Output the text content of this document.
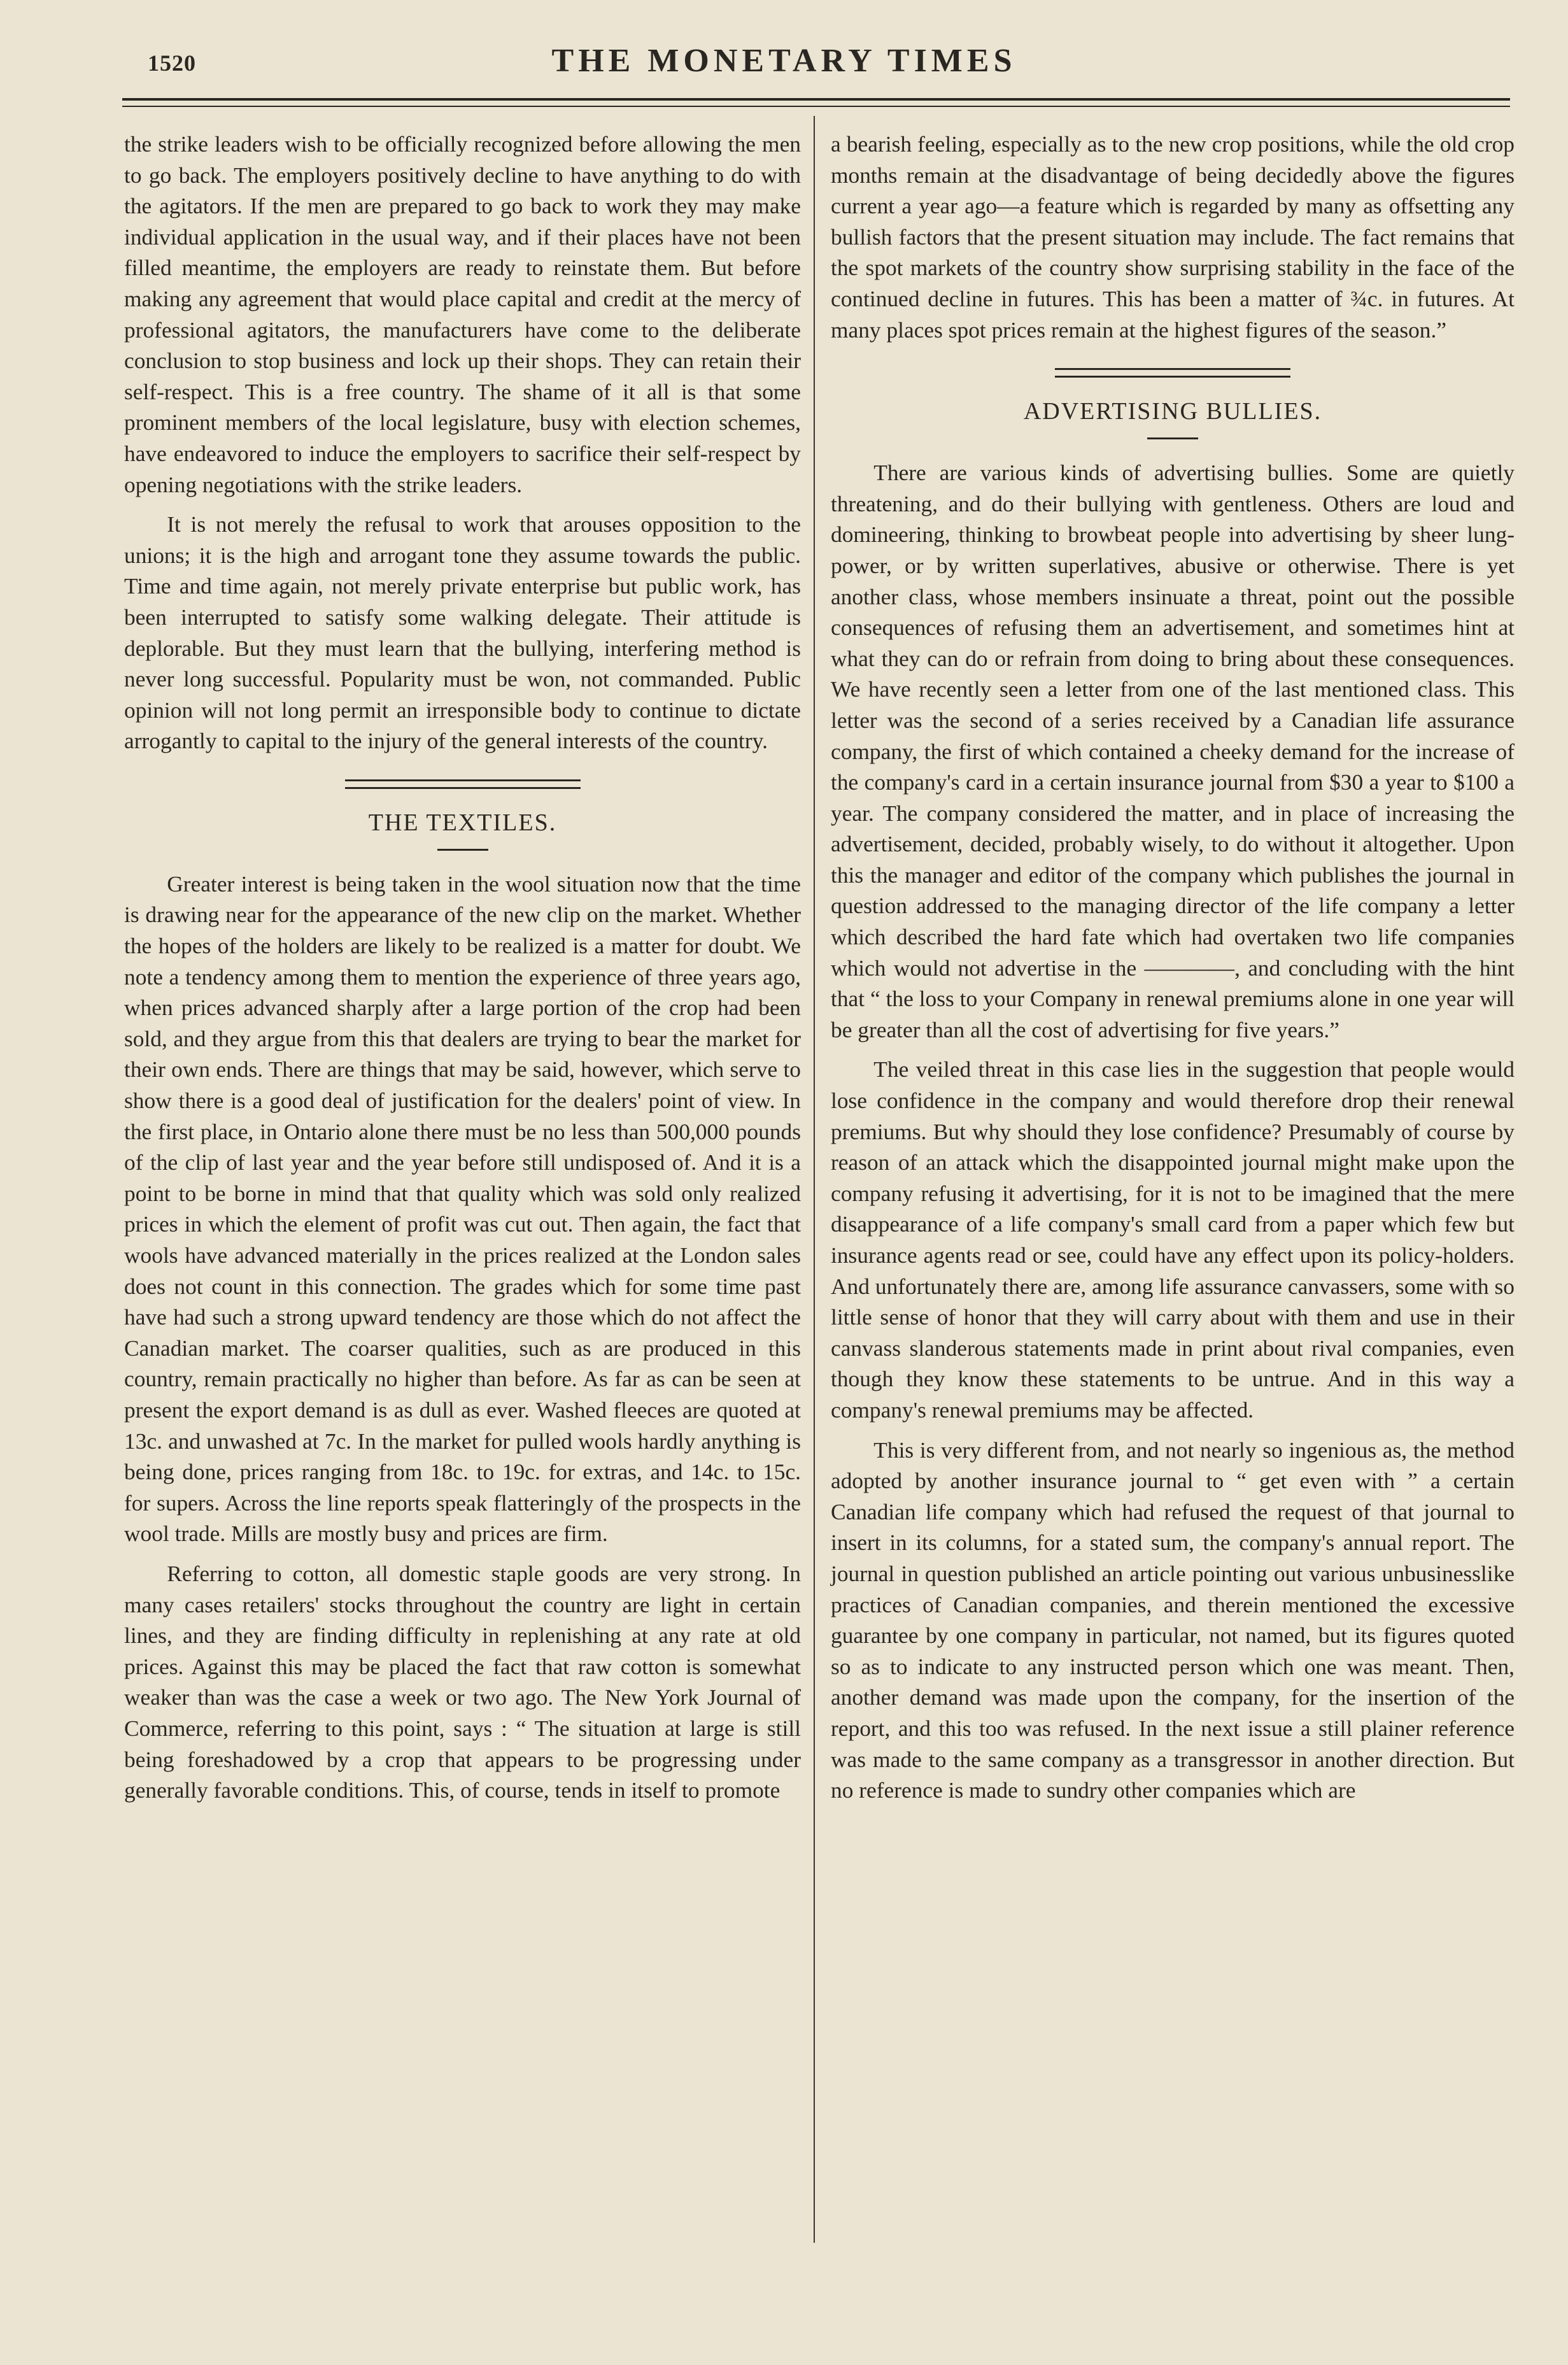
1520	THE MONETARY TIMES

the strike leaders wish to be officially recognized before allowing the men to go back. The employers positively decline to have anything to do with the agitators. If the men are prepared to go back to work they may make individual application in the usual way, and if their places have not been filled meantime, the employers are ready to reinstate them. But before making any agreement that would place capital and credit at the mercy of professional agitators, the manufacturers have come to the deliberate conclusion to stop business and lock up their shops. They can retain their self-respect. This is a free country. The shame of it all is that some prominent members of the local legislature, busy with election schemes, have endeavored to induce the employers to sacrifice their self-respect by opening negotiations with the strike leaders.

It is not merely the refusal to work that arouses opposition to the unions; it is the high and arrogant tone they assume towards the public. Time and time again, not merely private enterprise but public work, has been interrupted to satisfy some walking delegate. Their attitude is deplorable. But they must learn that the bullying, interfering method is never long successful. Popularity must be won, not commanded. Public opinion will not long permit an irresponsible body to continue to dictate arrogantly to capital to the injury of the general interests of the country.

THE TEXTILES.

Greater interest is being taken in the wool situation now that the time is drawing near for the appearance of the new clip on the market. Whether the hopes of the holders are likely to be realized is a matter for doubt. We note a tendency among them to mention the experience of three years ago, when prices advanced sharply after a large portion of the crop had been sold, and they argue from this that dealers are trying to bear the market for their own ends. There are things that may be said, however, which serve to show there is a good deal of justification for the dealers' point of view. In the first place, in Ontario alone there must be no less than 500,000 pounds of the clip of last year and the year before still undisposed of. And it is a point to be borne in mind that that quality which was sold only realized prices in which the element of profit was cut out. Then again, the fact that wools have advanced materially in the prices realized at the London sales does not count in this connection. The grades which for some time past have had such a strong upward tendency are those which do not affect the Canadian market. The coarser qualities, such as are produced in this country, remain practically no higher than before. As far as can be seen at present the export demand is as dull as ever. Washed fleeces are quoted at 13c. and unwashed at 7c. In the market for pulled wools hardly anything is being done, prices ranging from 18c. to 19c. for extras, and 14c. to 15c. for supers. Across the line reports speak flatteringly of the prospects in the wool trade. Mills are mostly busy and prices are firm.

Referring to cotton, all domestic staple goods are very strong. In many cases retailers' stocks throughout the country are light in certain lines, and they are finding difficulty in replenishing at any rate at old prices. Against this may be placed the fact that raw cotton is somewhat weaker than was the case a week or two ago. The New York Journal of Commerce, referring to this point, says : “ The situation at large is still being foreshadowed by a crop that appears to be progressing under generally favorable conditions. This, of course, tends in itself to promote

a bearish feeling, especially as to the new crop positions, while the old crop months remain at the disadvantage of being decidedly above the figures current a year ago—a feature which is regarded by many as offsetting any bullish factors that the present situation may include. The fact remains that the spot markets of the country show surprising stability in the face of the continued decline in futures. This has been a matter of ¾c. in futures. At many places spot prices remain at the highest figures of the season.”

ADVERTISING BULLIES.

There are various kinds of advertising bullies. Some are quietly threatening, and do their bullying with gentleness. Others are loud and domineering, thinking to browbeat people into advertising by sheer lung-power, or by written superlatives, abusive or otherwise. There is yet another class, whose members insinuate a threat, point out the possible consequences of refusing them an advertisement, and sometimes hint at what they can do or refrain from doing to bring about these consequences. We have recently seen a letter from one of the last mentioned class. This letter was the second of a series received by a Canadian life assurance company, the first of which contained a cheeky demand for the increase of the company's card in a certain insurance journal from $30 a year to $100 a year. The company considered the matter, and in place of increasing the advertisement, decided, probably wisely, to do without it altogether. Upon this the manager and editor of the company which publishes the journal in question addressed to the managing director of the life company a letter which described the hard fate which had overtaken two life companies which would not advertise in the ————, and concluding with the hint that “ the loss to your Company in renewal premiums alone in one year will be greater than all the cost of advertising for five years.”

The veiled threat in this case lies in the suggestion that people would lose confidence in the company and would therefore drop their renewal premiums. But why should they lose confidence? Presumably of course by reason of an attack which the disappointed journal might make upon the company refusing it advertising, for it is not to be imagined that the mere disappearance of a life company's small card from a paper which few but insurance agents read or see, could have any effect upon its policy-holders. And unfortunately there are, among life assurance canvassers, some with so little sense of honor that they will carry about with them and use in their canvass slanderous statements made in print about rival companies, even though they know these statements to be untrue. And in this way a company's renewal premiums may be affected.

This is very different from, and not nearly so ingenious as, the method adopted by another insurance journal to “ get even with ” a certain Canadian life company which had refused the request of that journal to insert in its columns, for a stated sum, the company's annual report. The journal in question published an article pointing out various unbusinesslike practices of Canadian companies, and therein mentioned the excessive guarantee by one company in particular, not named, but its figures quoted so as to indicate to any instructed person which one was meant. Then, another demand was made upon the company, for the insertion of the report, and this too was refused. In the next issue a still plainer reference was made to the same company as a transgressor in another direction. But no reference is made to sundry other companies which are
